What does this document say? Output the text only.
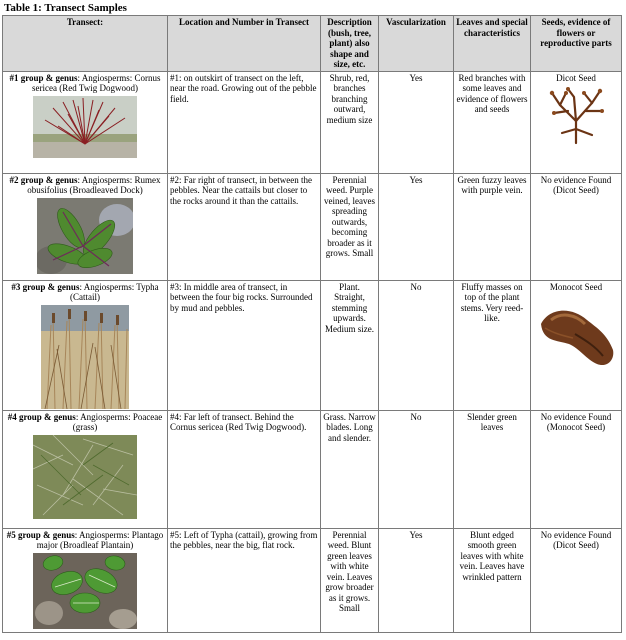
Table 1: Transect Samples
Transect:	Location and Number in Transect	Description (bush, tree, plant) also shape and size, etc.	Vascularization	Leaves and special characteristics	Seeds, evidence of flowers or reproductive parts
#1 group & genus: Angiosperms: Cornus sericea (Red Twig Dogwood)	#1: on outskirt of transect on the left, near the road. Growing out of the pebble field.	Shrub, red, branches branching outward, medium size	Yes	Red branches with some leaves and evidence of flowers and seeds	Dicot Seed

#2 group & genus: Angiosperms: Rumex obusifolius (Broadleaved Dock)	#2: Far right of transect, in between the pebbles. Near the cattails but closer to the rocks around it than the cattails.	Perennial weed. Purple veined, leaves spreading outwards, becoming broader as it grows. Small	Yes	Green fuzzy leaves with purple vein.	No evidence Found (Dicot Seed)
#3 group & genus: Angiosperms: Typha (Cattail)	#3: In middle area of transect, in between the four big rocks. Surrounded by mud and pebbles.	Plant. Straight, stemming upwards. Medium size.	No	Fluffy masses on top of the plant stems. Very reed-like.	Monocot Seed

#4 group & genus: Angiosperms: Poaceae (grass)	#4: Far left of transect. Behind the Cornus sericea (Red Twig Dogwood).	Grass. Narrow blades. Long and slender.	No	Slender green leaves	No evidence Found (Monocot Seed)
#5 group & genus: Angiosperms: Plantago major (Broadleaf Plantain)	#5: Left of Typha (cattail), growing from the pebbles, near the big, flat rock.	Perennial weed. Blunt green leaves with white vein. Leaves grow broader as it grows. Small	Yes	Blunt edged smooth green leaves with white vein. Leaves have wrinkled pattern	No evidence Found (Dicot Seed)
